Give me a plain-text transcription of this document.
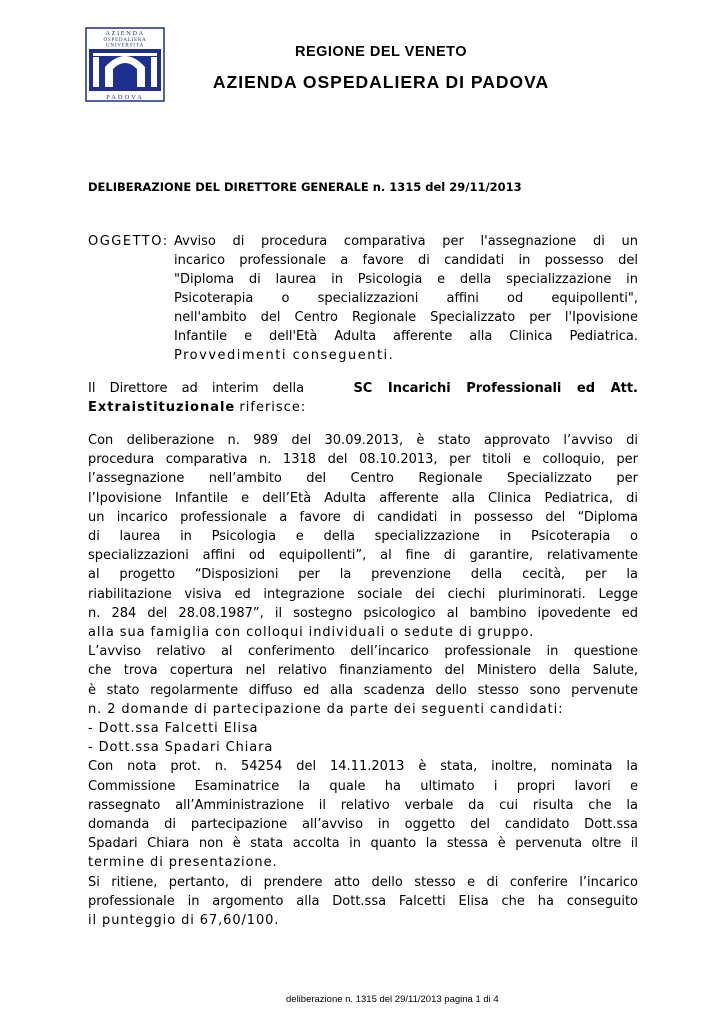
AZIENDA
OSPEDALIERA
UNIVERSITÀ
PADOVA
REGIONE DEL VENETO
AZIENDA OSPEDALIERA DI PADOVA
DELIBERAZIONE DEL DIRETTORE GENERALE n. 1315 del 29/11/2013
OGGETTO: Avviso di procedura comparativa per l'assegnazione di un
incarico professionale a favore di candidati in possesso del
"Diploma di laurea in Psicologia e della specializzazione in
Psicoterapia o specializzazioni affini od equipollenti",
nell'ambito del Centro Regionale Specializzato per l'Ipovisione
Infantile e dell'Età Adulta afferente alla Clinica Pediatrica.
Provvedimenti conseguenti.
Il Direttore ad interim della	SC Incarichi Professionali ed Att.
Extraistituzionale riferisce:
Con deliberazione n. 989 del 30.09.2013, è stato approvato l’avviso di
procedura comparativa n. 1318 del 08.10.2013, per titoli e colloquio, per
l’assegnazione nell’ambito del Centro Regionale Specializzato per
l’Ipovisione Infantile e dell’Età Adulta afferente alla Clinica Pediatrica, di
un incarico professionale a favore di candidati in possesso del “Diploma
di laurea in Psicologia e della specializzazione in Psicoterapia o
specializzazioni affini od equipollenti”, al fine di garantire, relativamente
al progetto “Disposizioni per la prevenzione della cecità, per la
riabilitazione visiva ed integrazione sociale dei ciechi pluriminorati. Legge
n. 284 del 28.08.1987”, il sostegno psicologico al bambino ipovedente ed
alla sua famiglia con colloqui individuali o sedute di gruppo.
L’avviso relativo al conferimento dell’incarico professionale in questione
che trova copertura nel relativo finanziamento del Ministero della Salute,
è stato regolarmente diffuso ed alla scadenza dello stesso sono pervenute
n. 2 domande di partecipazione da parte dei seguenti candidati:
- Dott.ssa Falcetti Elisa
- Dott.ssa Spadari Chiara
Con nota prot. n. 54254 del 14.11.2013 è stata, inoltre, nominata la
Commissione Esaminatrice la quale ha ultimato i propri lavori e
rassegnato all’Amministrazione il relativo verbale da cui risulta che la
domanda di partecipazione all’avviso in oggetto del candidato Dott.ssa
Spadari Chiara non è stata accolta in quanto la stessa è pervenuta oltre il
termine di presentazione.
Si ritiene, pertanto, di prendere atto dello stesso e di conferire l’incarico
professionale in argomento alla Dott.ssa Falcetti Elisa che ha conseguito
il punteggio di 67,60/100.
deliberazione n. 1315 del 29/11/2013 pagina 1 di 4
